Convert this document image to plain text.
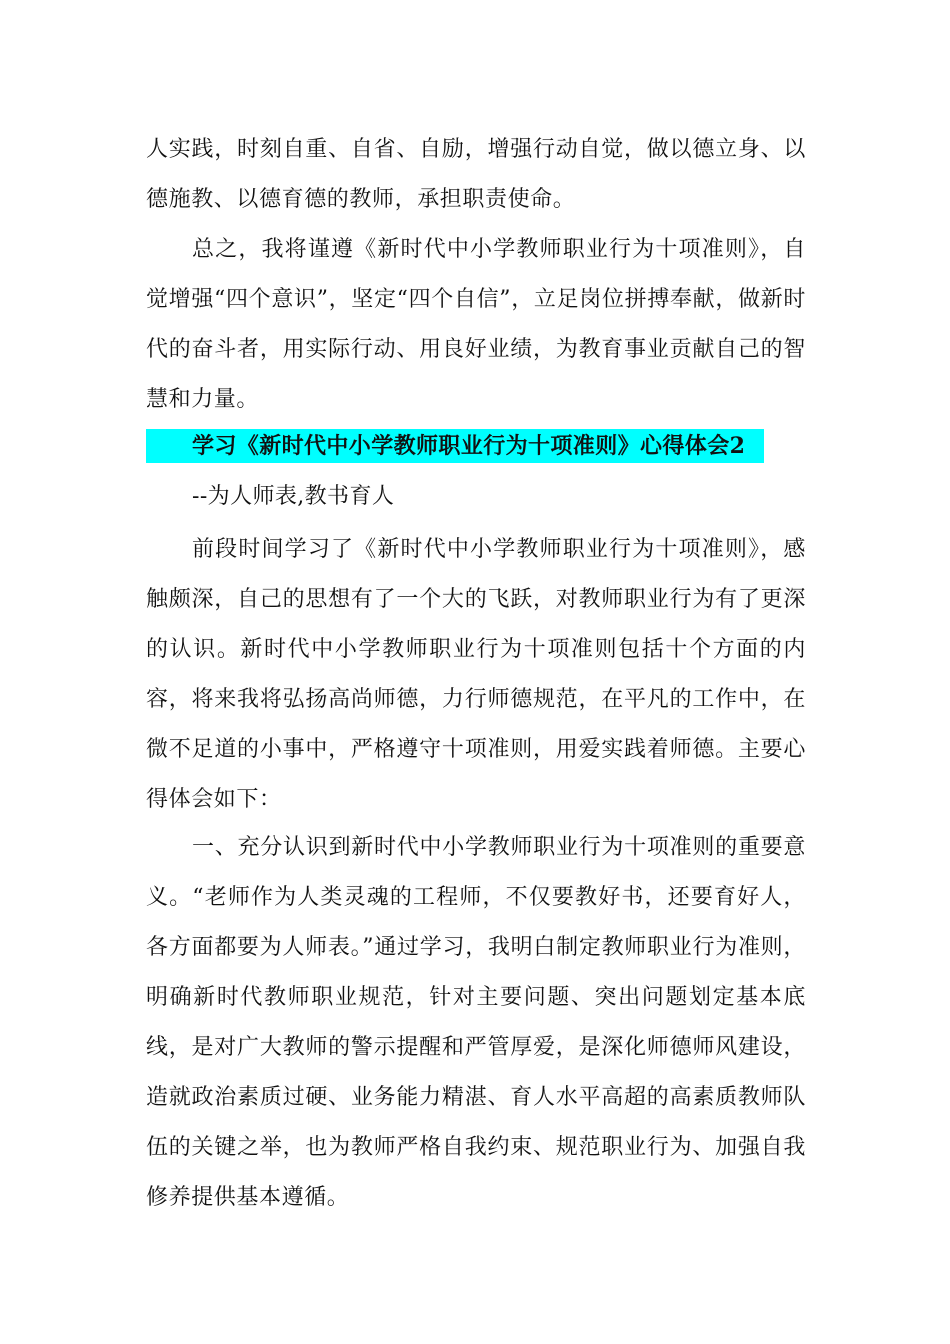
人实践，时刻自重、自省、自励，增强行动自觉，做以德立身、以德施教、以德育德的教师，承担职责使命。

总之，我将谨遵《新时代中小学教师职业行为十项准则》，自觉增强“四个意识”，坚定“四个自信”，立足岗位拼搏奉献，做新时代的奋斗者，用实际行动、用良好业绩，为教育事业贡献自己的智慧和力量。

学习《新时代中小学教师职业行为十项准则》心得体会2

--为人师表,教书育人

前段时间学习了《新时代中小学教师职业行为十项准则》，感触颇深，自己的思想有了一个大的飞跃，对教师职业行为有了更深的认识。新时代中小学教师职业行为十项准则包括十个方面的内容，将来我将弘扬高尚师德，力行师德规范，在平凡的工作中，在微不足道的小事中，严格遵守十项准则，用爱实践着师德。主要心得体会如下：

一、充分认识到新时代中小学教师职业行为十项准则的重要意义。“老师作为人类灵魂的工程师，不仅要教好书，还要育好人，各方面都要为人师表。”通过学习，我明白制定教师职业行为准则，明确新时代教师职业规范，针对主要问题、突出问题划定基本底线，是对广大教师的警示提醒和严管厚爱，是深化师德师风建设，造就政治素质过硬、业务能力精湛、育人水平高超的高素质教师队伍的关键之举，也为教师严格自我约束、规范职业行为、加强自我修养提供基本遵循。
